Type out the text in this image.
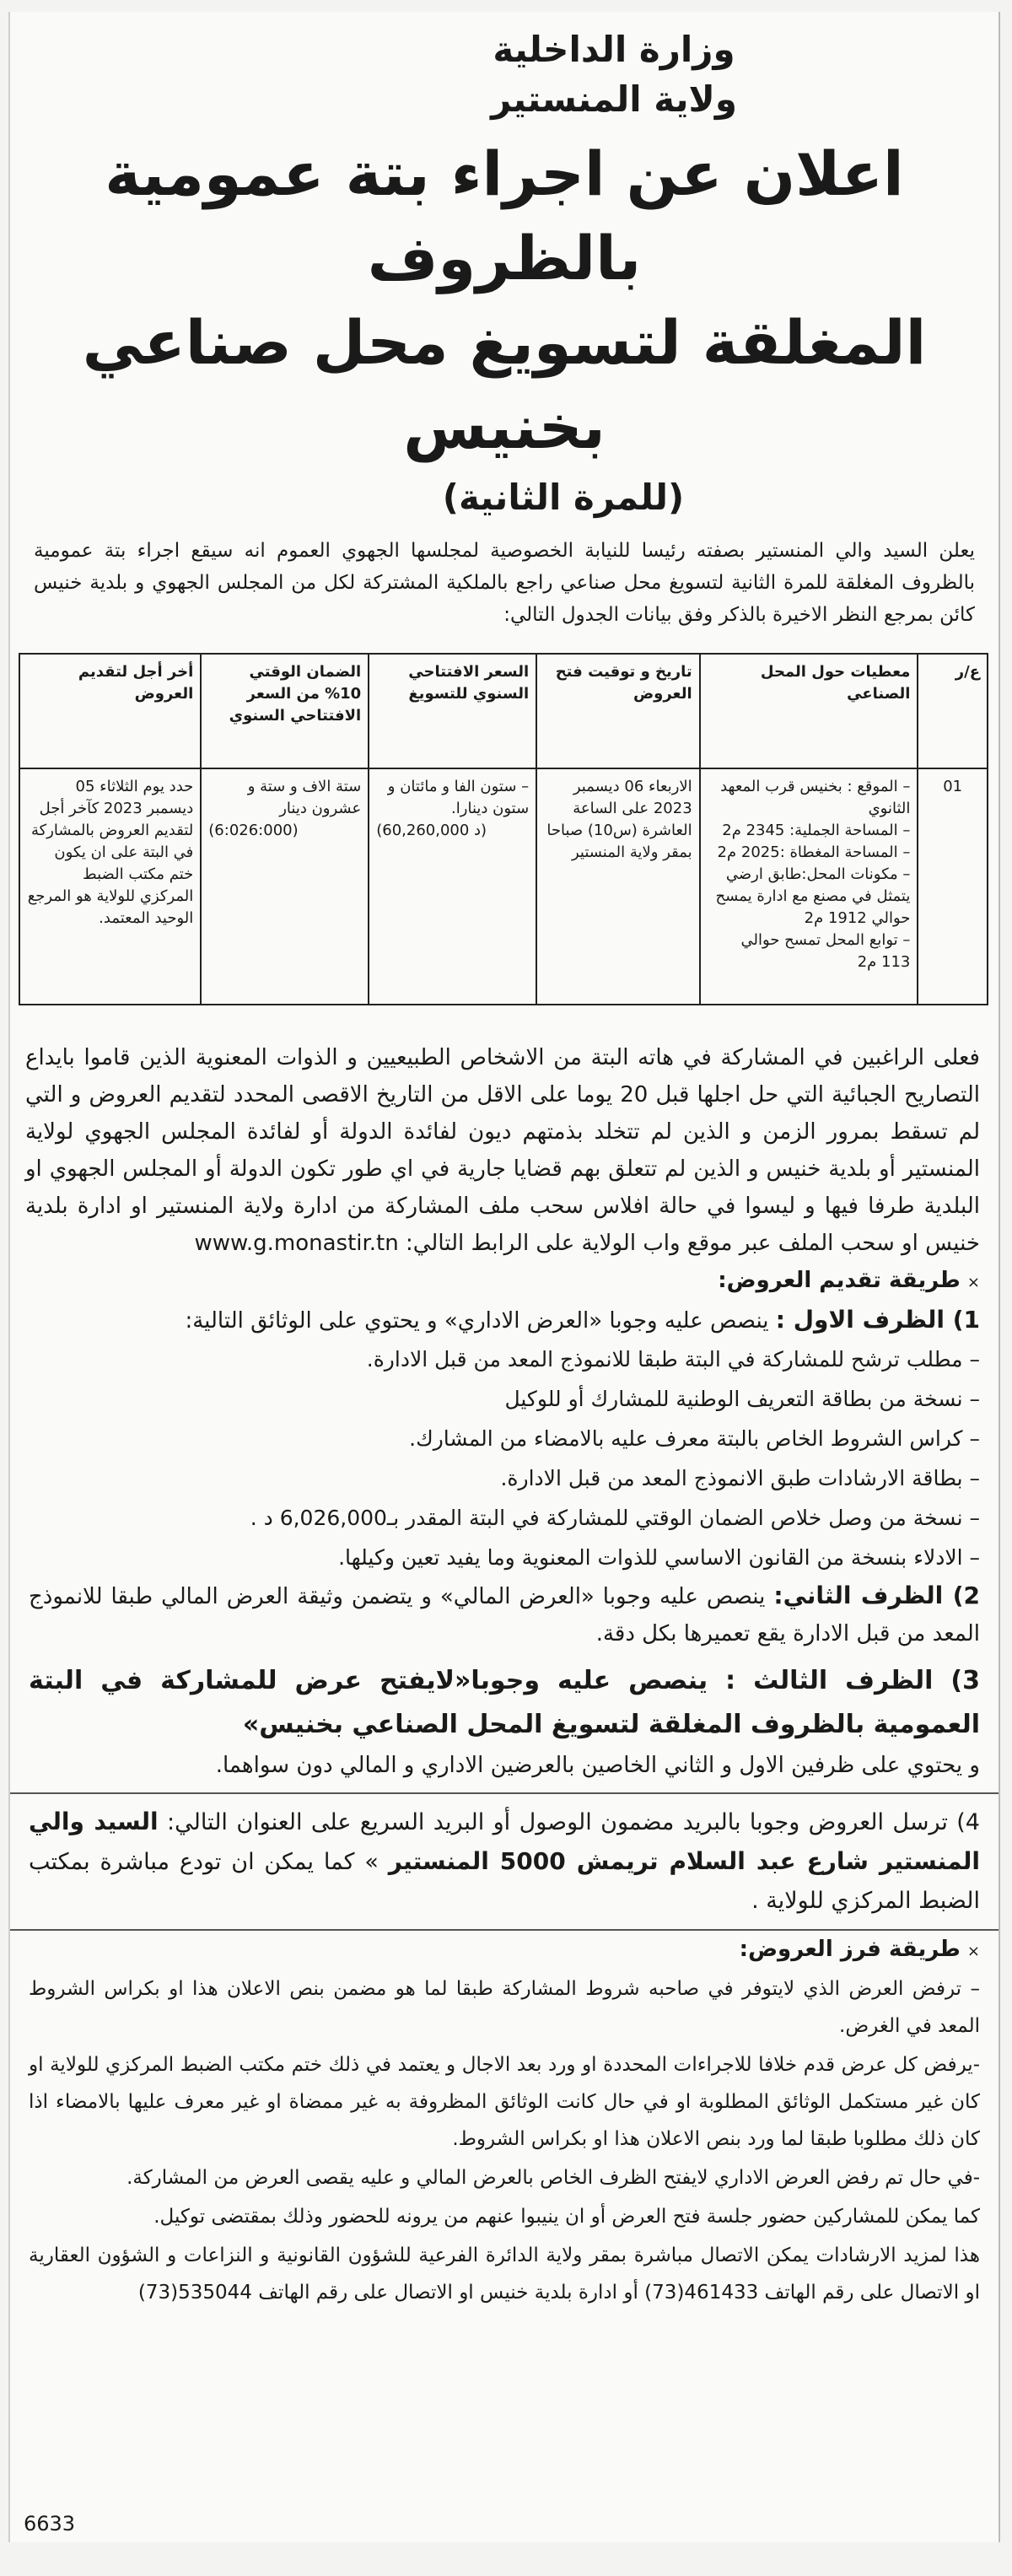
وزارة الداخلية
ولاية المنستير
اعلان عن اجراء بتة عمومية بالظروف
المغلقة لتسويغ محل صناعي بخنيس
(للمرة الثانية)
يعلن السيد والي المنستير بصفته رئيسا للنيابة الخصوصية لمجلسها الجهوي العموم انه سيقع اجراء بتة عمومية بالظروف المغلقة للمرة الثانية لتسويغ محل صناعي راجع بالملكية المشتركة لكل من المجلس الجهوي و بلدية خنيس كائن بمرجع النظر الاخيرة بالذكر وفق بيانات الجدول التالي:
ع/ر	معطيات حول المحل الصناعي	تاريخ و توقيت فتح العروض	السعر الافتتاحي السنوي للتسويغ	الضمان الوقتي 10% من السعر الافتتاحي السنوي	أخر أجل لتقديم العروض
01	– الموقع : بخنيس قرب المعهد الثانوي
– المساحة الجملية: 2345 م2
– المساحة المغطاة :2025 م2
– مكونات المحل:طابق ارضي يتمثل في مصنع مع ادارة يمسح حوالي 1912 م2
– توابع المحل تمسح حوالي 113 م2	الاربعاء 06 ديسمبر 2023 على الساعة العاشرة (س10) صباحا بمقر ولاية المنستير	– ستون الفا و مائتان و ستون دينارا.
(60,260,000 د)	ستة الاف و ستة و عشرون دينار
(6:026:000)	حدد يوم الثلاثاء 05 ديسمبر 2023 كآخر أجل لتقديم العروض بالمشاركة في البتة على ان يكون ختم مكتب الضبط المركزي للولاية هو المرجع الوحيد المعتمد.
فعلى الراغبين في المشاركة في هاته البتة من الاشخاص الطبيعيين و الذوات المعنوية الذين قاموا بايداع التصاريح الجبائية التي حل اجلها قبل 20 يوما على الاقل من التاريخ الاقصى المحدد لتقديم العروض و التي لم تسقط بمرور الزمن و الذين لم تتخلد بذمتهم ديون لفائدة الدولة أو لفائدة المجلس الجهوي لولاية المنستير أو بلدية خنيس و الذين لم تتعلق بهم قضايا جارية في اي طور تكون الدولة أو المجلس الجهوي او البلدية طرفا فيها و ليسوا في حالة افلاس سحب ملف المشاركة من ادارة ولاية المنستير او ادارة بلدية خنيس او سحب الملف عبر موقع واب الولاية على الرابط التالي: www.g.monastir.tn
×طريقة تقديم العروض:
1) الظرف الاول : ينصص عليه وجوبا «العرض الاداري» و يحتوي على الوثائق التالية:
– مطلب ترشح للمشاركة في البتة طبقا للانموذج المعد من قبل الادارة.
– نسخة من بطاقة التعريف الوطنية للمشارك أو للوكيل
– كراس الشروط الخاص بالبتة معرف عليه بالامضاء من المشارك.
– بطاقة الارشادات طبق الانموذج المعد من قبل الادارة.
– نسخة من وصل خلاص الضمان الوقتي للمشاركة في البتة المقدر بـ6,026,000 د .
– الادلاء بنسخة من القانون الاساسي للذوات المعنوية وما يفيد تعين وكيلها.
2) الظرف الثاني: ينصص عليه وجوبا «العرض المالي» و يتضمن وثيقة العرض المالي طبقا للانموذج المعد من قبل الادارة يقع تعميرها بكل دقة.
3) الظرف الثالث : ينصص عليه وجوبا«لايفتح عرض للمشاركة في البتة العمومية بالظروف المغلقة لتسويغ المحل الصناعي بخنيس»
و يحتوي على ظرفين الاول و الثاني الخاصين بالعرضين الاداري و المالي دون سواهما.
4) ترسل العروض وجوبا بالبريد مضمون الوصول أو البريد السريع على العنوان التالي: السيد والي المنستير شارع عبد السلام تريمش 5000 المنستير » كما يمكن ان تودع مباشرة بمكتب الضبط المركزي للولاية .
×طريقة فرز العروض:
– ترفض العرض الذي لايتوفر في صاحبه شروط المشاركة طبقا لما هو مضمن بنص الاعلان هذا او بكراس الشروط المعد في الغرض.
-يرفض كل عرض قدم خلافا للاجراءات المحددة او ورد بعد الاجال و يعتمد في ذلك ختم مكتب الضبط المركزي للولاية او كان غير مستكمل الوثائق المطلوبة او في حال كانت الوثائق المظروفة به غير ممضاة او غير معرف عليها بالامضاء اذا كان ذلك مطلوبا طبقا لما ورد بنص الاعلان هذا او بكراس الشروط.
-في حال تم رفض العرض الاداري لايفتح الظرف الخاص بالعرض المالي و عليه يقصى العرض من المشاركة.
كما يمكن للمشاركين حضور جلسة فتح العرض أو ان ينيبوا عنهم من يرونه للحضور وذلك بمقتضى توكيل.
هذا لمزيد الارشادات يمكن الاتصال مباشرة بمقر ولاية الدائرة الفرعية للشؤون القانونية و النزاعات و الشؤون العقارية او الاتصال على رقم الهاتف 461433(73) أو ادارة بلدية خنيس او الاتصال على رقم الهاتف 535044(73)
6633
